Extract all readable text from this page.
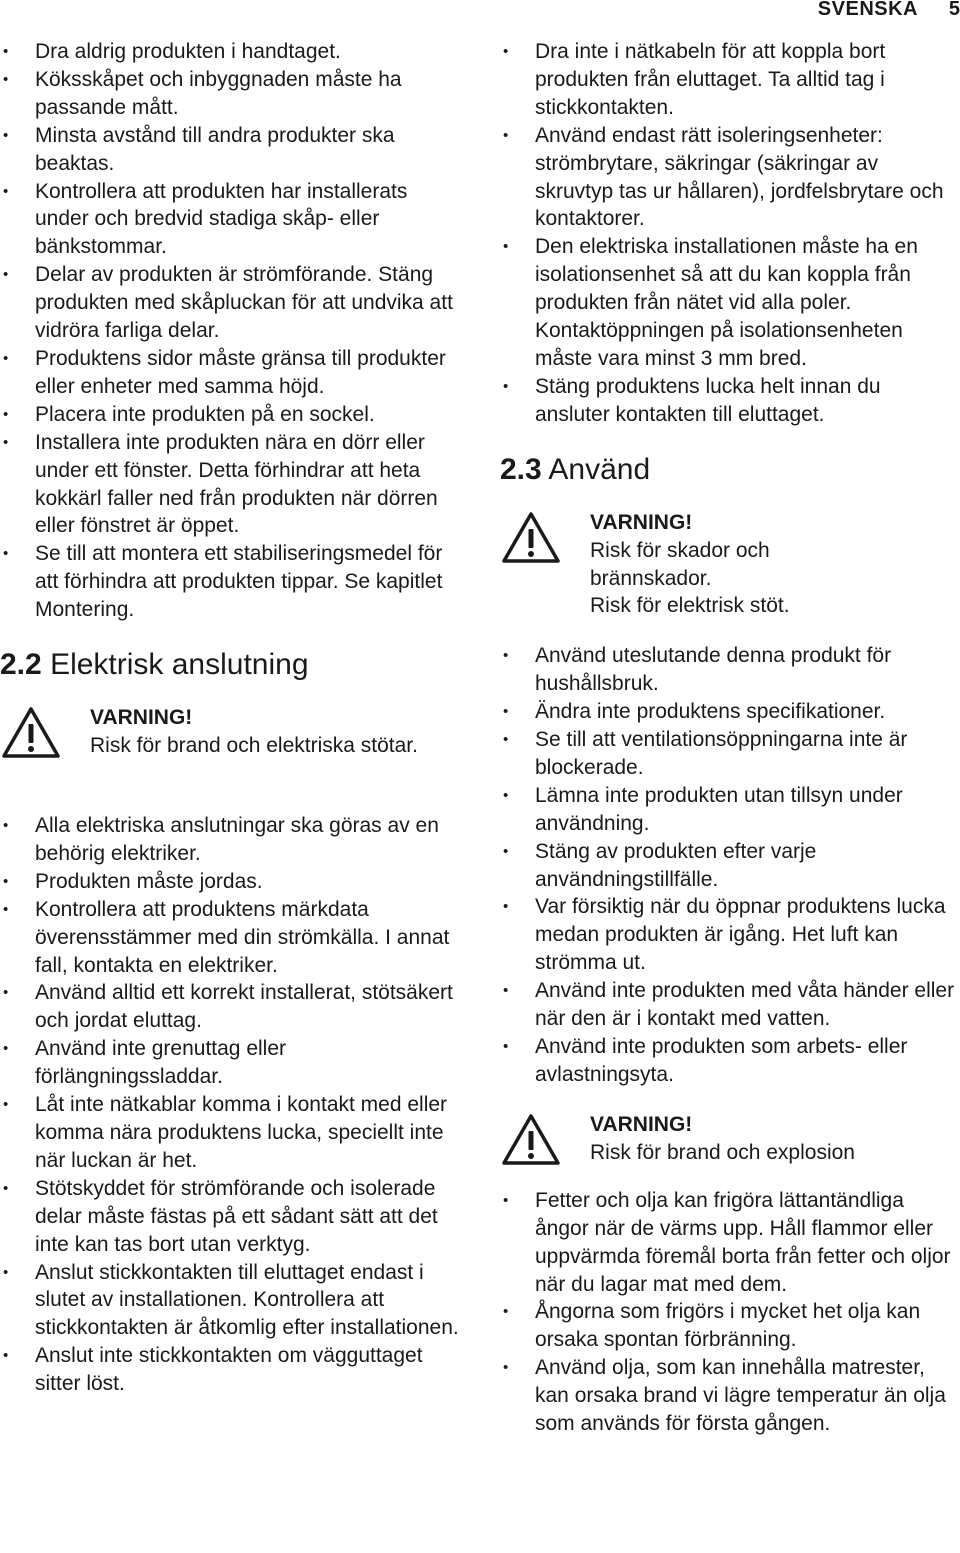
SVENSKA 5
• Dra aldrig produkten i handtaget.
• Köksskåpet och inbyggnaden måste ha passande mått.
• Minsta avstånd till andra produkter ska beaktas.
• Kontrollera att produkten har installerats under och bredvid stadiga skåp- eller bänkstommar.
• Delar av produkten är strömförande. Stäng produkten med skåpluckan för att undvika att vidröra farliga delar.
• Produktens sidor måste gränsa till produkter eller enheter med samma höjd.
• Placera inte produkten på en sockel.
• Installera inte produkten nära en dörr eller under ett fönster. Detta förhindrar att heta kokkärl faller ned från produkten när dörren eller fönstret är öppet.
• Se till att montera ett stabiliseringsmedel för att förhindra att produkten tippar. Se kapitlet Montering.
2.2 Elektrisk anslutning
VARNING!
Risk för brand och elektriska stötar.
• Alla elektriska anslutningar ska göras av en behörig elektriker.
• Produkten måste jordas.
• Kontrollera att produktens märkdata överensstämmer med din strömkälla. I annat fall, kontakta en elektriker.
• Använd alltid ett korrekt installerat, stötsäkert och jordat eluttag.
• Använd inte grenuttag eller förlängningssladdar.
• Låt inte nätkablar komma i kontakt med eller komma nära produktens lucka, speciellt inte när luckan är het.
• Stötskyddet för strömförande och isolerade delar måste fästas på ett sådant sätt att det inte kan tas bort utan verktyg.
• Anslut stickkontakten till eluttaget endast i slutet av installationen. Kontrollera att stickkontakten är åtkomlig efter installationen.
• Anslut inte stickkontakten om vägguttaget sitter löst.
• Dra inte i nätkabeln för att koppla bort produkten från eluttaget. Ta alltid tag i stickkontakten.
• Använd endast rätt isoleringsenheter: strömbrytare, säkringar (säkringar av skruvtyp tas ur hållaren), jordfelsbrytare och kontaktorer.
• Den elektriska installationen måste ha en isolationsenhet så att du kan koppla från produkten från nätet vid alla poler. Kontaktöppningen på isolationsenheten måste vara minst 3 mm bred.
• Stäng produktens lucka helt innan du ansluter kontakten till eluttaget.
2.3 Använd
VARNING!
Risk för skador och brännskador.
Risk för elektrisk stöt.
• Använd uteslutande denna produkt för hushållsbruk.
• Ändra inte produktens specifikationer.
• Se till att ventilationsöppningarna inte är blockerade.
• Lämna inte produkten utan tillsyn under användning.
• Stäng av produkten efter varje användningstillfälle.
• Var försiktig när du öppnar produktens lucka medan produkten är igång. Het luft kan strömma ut.
• Använd inte produkten med våta händer eller när den är i kontakt med vatten.
• Använd inte produkten som arbets- eller avlastningsyta.
VARNING!
Risk för brand och explosion
• Fetter och olja kan frigöra lättantändliga ångor när de värms upp. Håll flammor eller uppvärmda föremål borta från fetter och oljor när du lagar mat med dem.
• Ångorna som frigörs i mycket het olja kan orsaka spontan förbränning.
• Använd olja, som kan innehålla matrester, kan orsaka brand vi lägre temperatur än olja som används för första gången.
